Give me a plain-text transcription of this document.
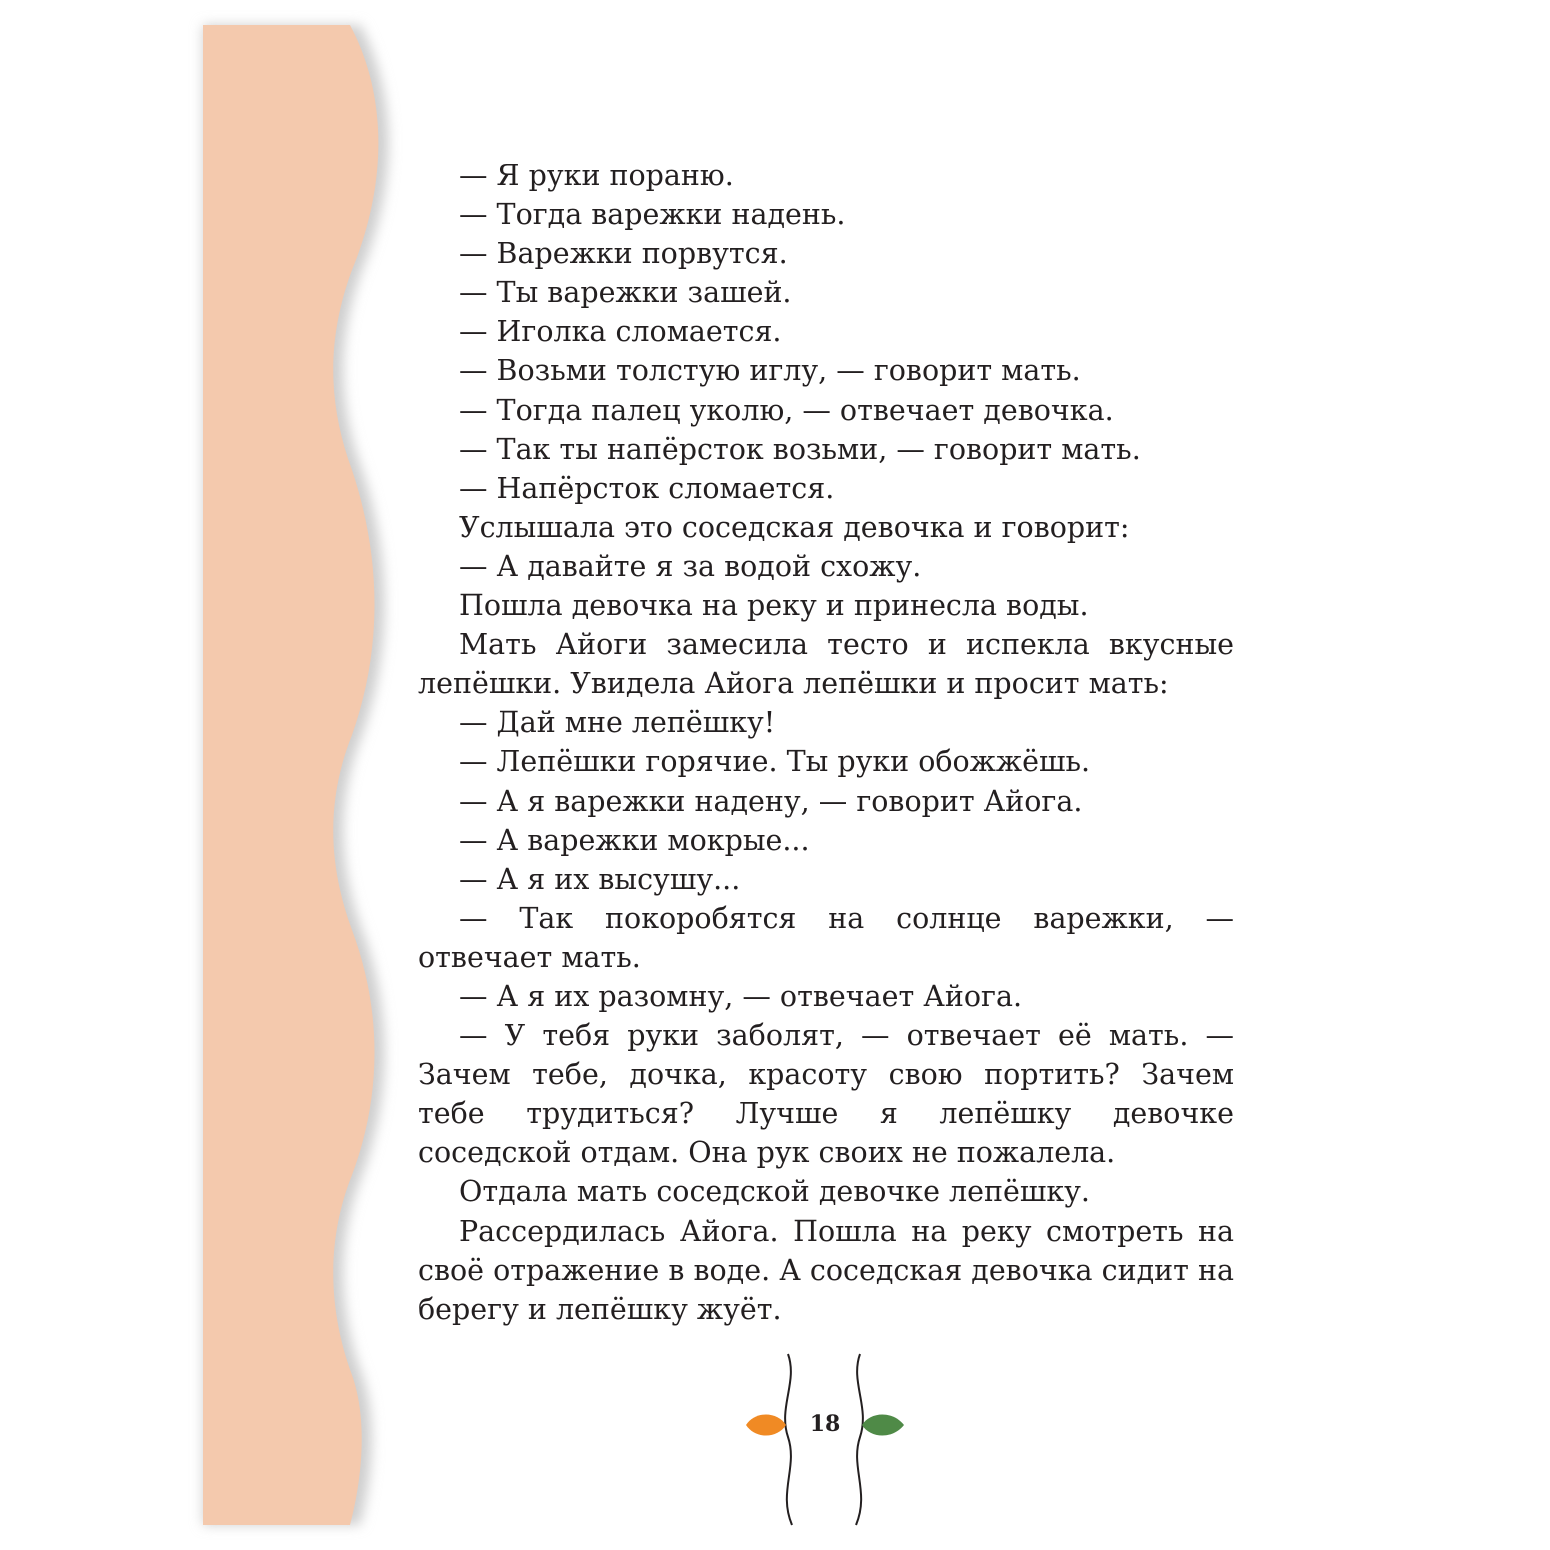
— Я руки пораню.

— Тогда варежки надень.

— Варежки порвутся.

— Ты варежки зашей.

— Иголка сломается.

— Возьми толстую иглу, — говорит мать.

— Тогда палец уколю, — отвечает девочка.

— Так ты напёрсток возьми, — говорит мать.

— Напёрсток сломается.

Услышала это соседская девочка и говорит:

— А давайте я за водой схожу.

Пошла девочка на реку и принесла воды.

Мать Айоги замесила тесто и испекла вкусные лепёшки. Увидела Айога лепёшки и просит мать:

— Дай мне лепёшку!

— Лепёшки горячие. Ты руки обожжёшь.

— А я варежки надену, — говорит Айога.

— А варежки мокрые...

— А я их высушу...

— Так покоробятся на солнце варежки, — отвечает мать.

— А я их разомну, — отвечает Айога.

— У тебя руки заболят, — отвечает её мать. — Зачем тебе, дочка, красоту свою портить? Зачем тебе трудиться? Лучше я лепёшку девочке соседской отдам. Она рук своих не пожалела.

Отдала мать соседской девочке лепёшку.

Рассердилась Айога. Пошла на реку смотреть на своё отражение в воде. А соседская девочка сидит на берегу и лепёшку жуёт.

18
